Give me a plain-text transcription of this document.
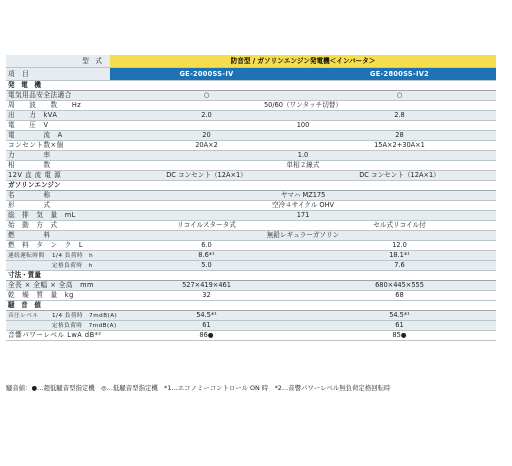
型　式	防音型 / ガソリンエンジン発電機＜インバータ＞	
項　目	GE-2000SS-IV	GE-2800SS-IV2
発　電　機		
電気用品安全法適合	○	○
周　　波　　数　　Hz	50/60（ワンタッチ切替）	
出　　力　kVA	2.0	2.8
電　　圧　V	100	
電　　　　流　A	20	28
コンセント数×個	20A×2	15A×2+30A×1
力　　　　率	1.0	
相　　　　数	単相２線式	
12V 直 流 電 源	DC コンセント（12A×1）	DC コンセント（12A×1）
ガソリンエンジン		
名　　　　称	ヤマハ MZ175	
形　　　　式	空冷４サイクル OHV	
総　排　気　量　mL	171	
始　動　方　式	リコイルスタータ式	セル式リコイル付
燃　　　　料	無鉛レギュラーガソリン	
燃　料　タ　ン　ク　L	6.0	12.0
連続運転時間 1/4 負荷時　h	8.6*¹	18.1*¹
定格負荷時　h	5.0	7.6
寸法・質量		
全長 × 全幅 × 全高　mm	527×419×461	680×445×555
乾　燥　質　量　kg	32	68
騒　音　値		
音圧レベル 1/4 負荷時　7mdB(A)	54.5*¹	54.5*¹
定格負荷時　7mdB(A)	61	61
音響パワーレベル LwA dB*²	86●	85●
騒音値：●…超低騒音型指定機　◎…低騒音型指定機　*1…エコノミーコントロール ON 時　*2…音響パワーレベル無負荷定格回転時
